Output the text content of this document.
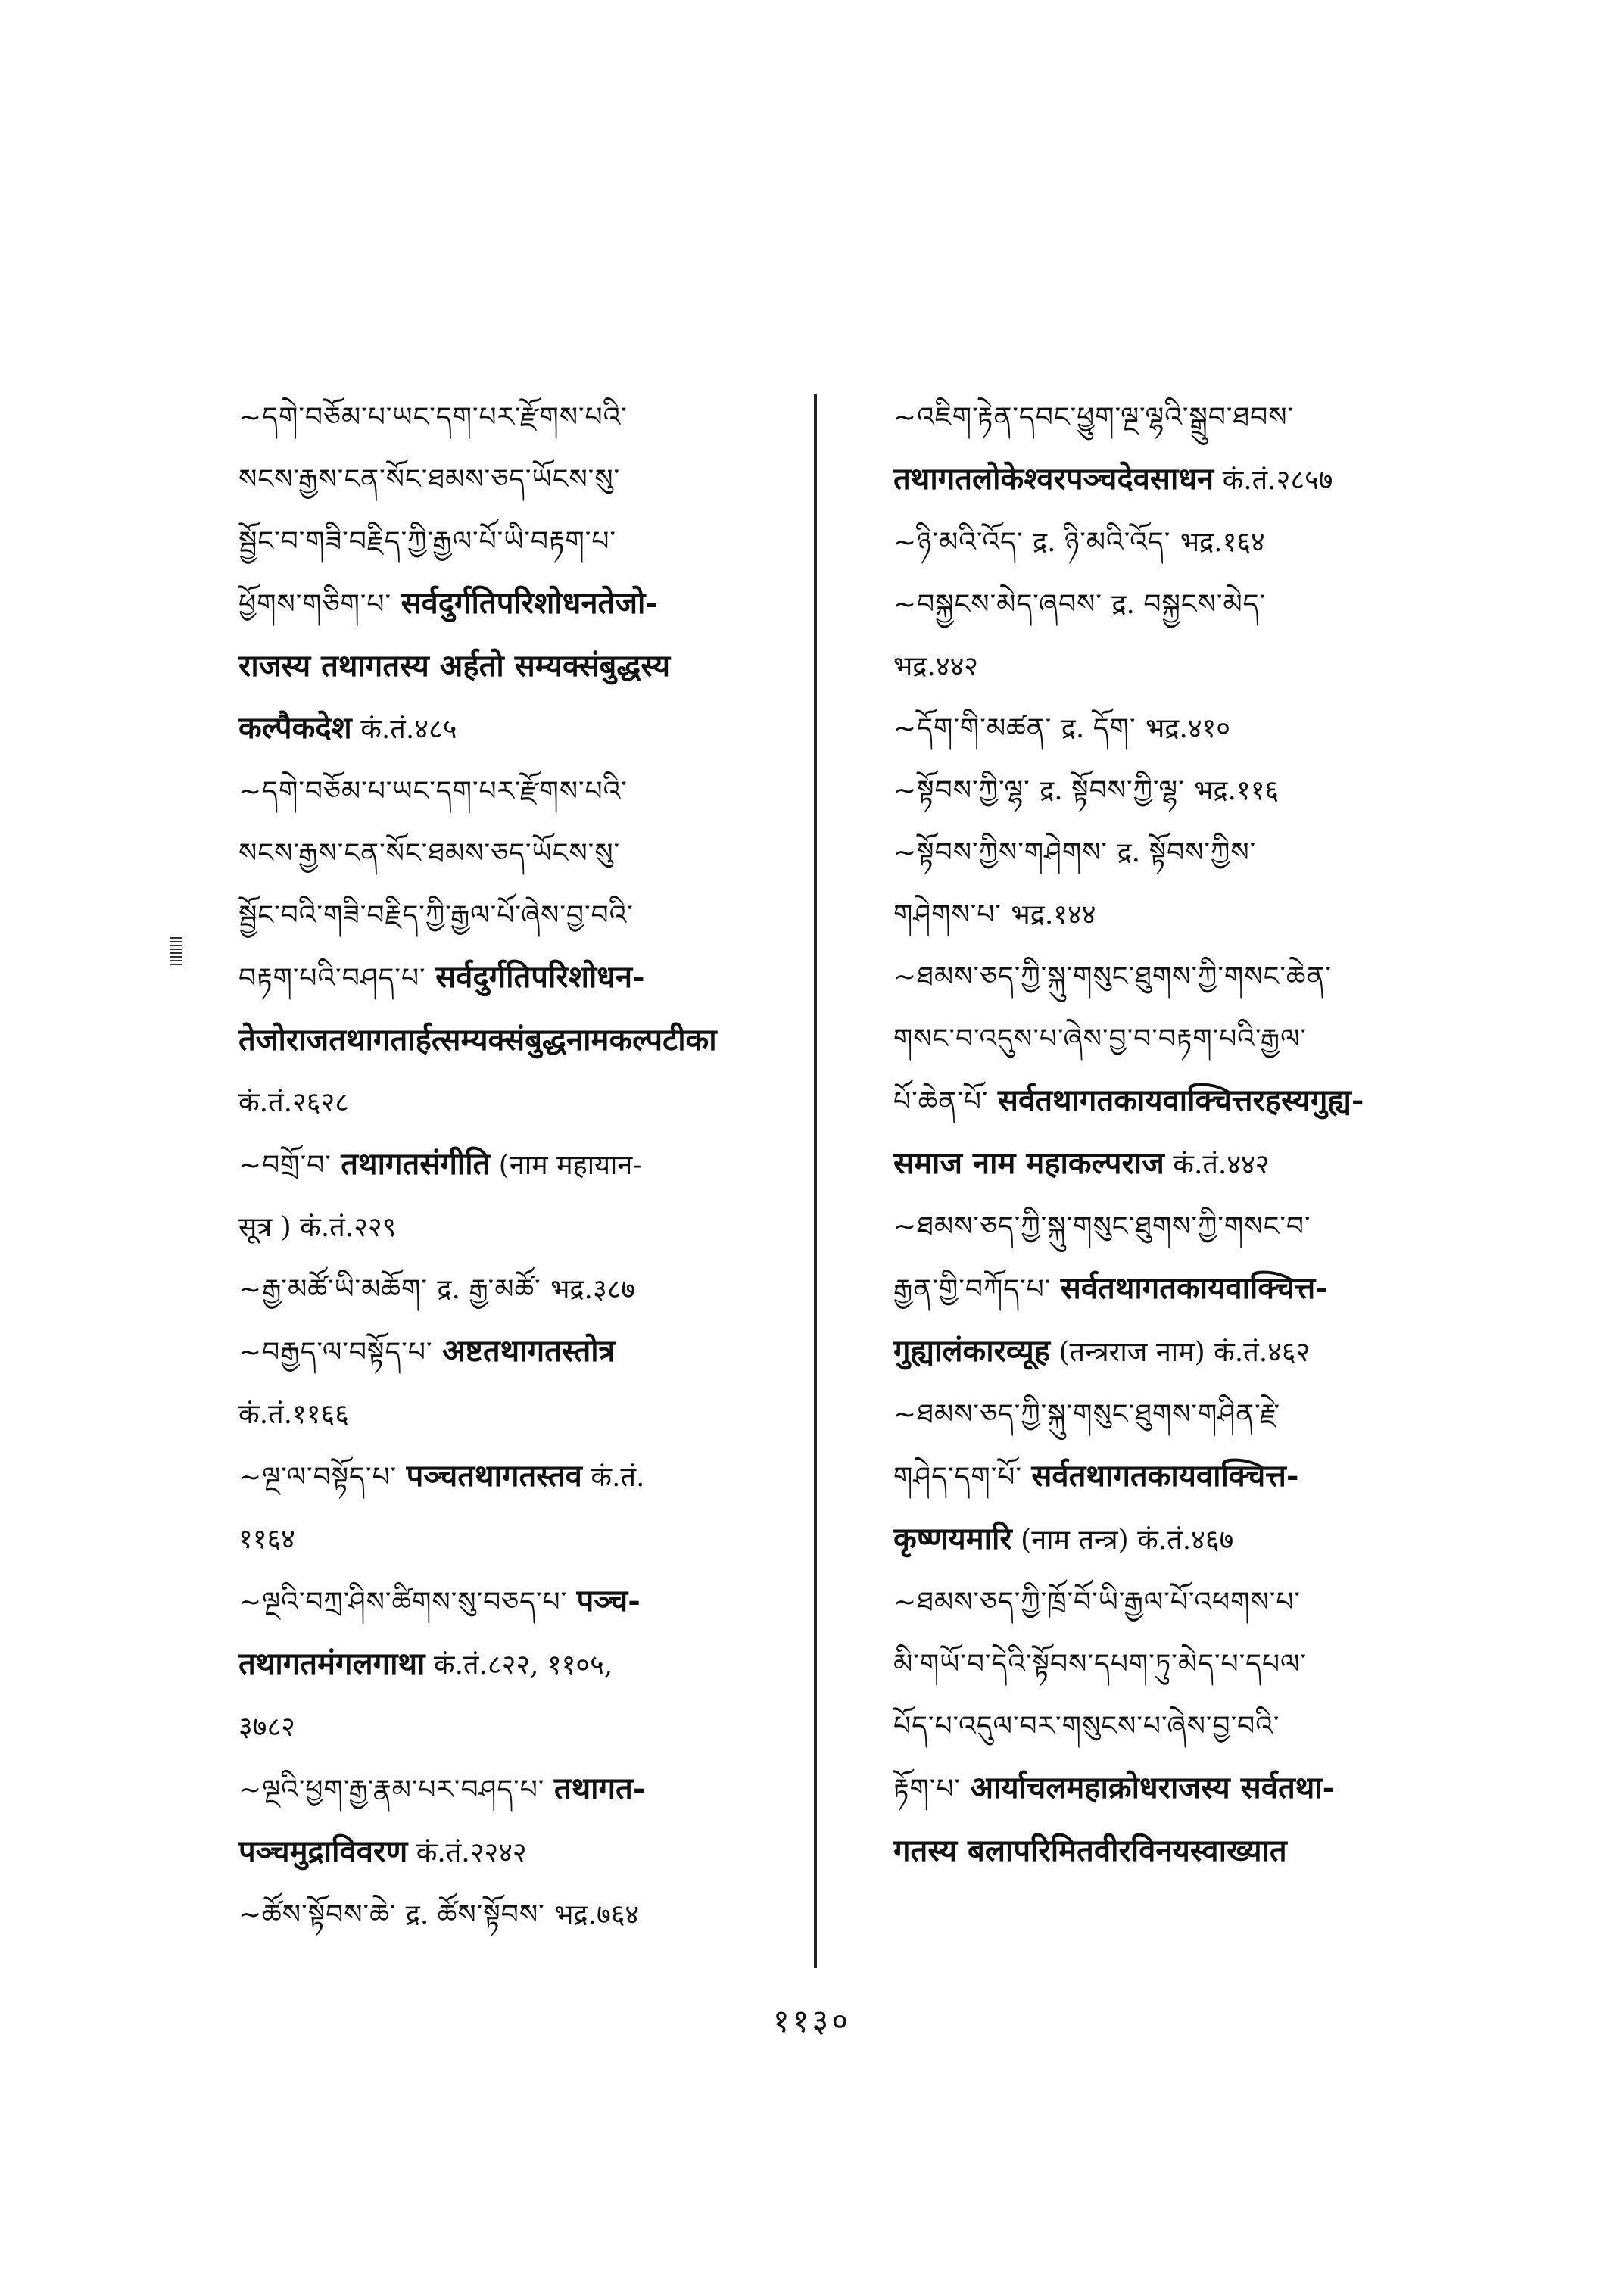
~དགེ་བཅོམ་པ་ཡང་དག་པར་རྫོགས་པའི་
སངས་རྒྱས་ངན་སོང་ཐམས་ཅད་ཡོངས་སུ་
སྦྱོང་བ་གཟི་བརྗིད་ཀྱི་རྒྱལ་པོ་ཡི་བརྟག་པ་
ཕྱོགས་གཅིག་པ་ सर्वदुर्गतिपरिशोधनतेजो-
राजस्य तथागतस्य अर्हतो सम्यक्संबुद्धस्य
कल्पैकदेश कं.तं.४८५
~དགེ་བཅོམ་པ་ཡང་དག་པར་རྫོགས་པའི་
སངས་རྒྱས་ངན་སོང་ཐམས་ཅད་ཡོངས་སུ་
སྦྱོང་བའི་གཟི་བརྗིད་ཀྱི་རྒྱལ་པོ་ཞེས་བྱ་བའི་
བརྟག་པའི་བཤད་པ་ सर्वदुर्गतिपरिशोधन-
तेजोराजतथागतार्हत्सम्यक्संबुद्धनामकल्पटीका
कं.तं.२६२८
~བགྲོ་བ་ तथागतसंगीति (नाम महायान-
सूत्र ) कं.तं.२२९
~རྒྱ་མཚོ་ཡི་མཆོག་ द्र. རྒྱ་མཚོ་ भद्र.३८७
~བརྒྱད་ལ་བསྟོད་པ་ अष्टतथागतस्तोत्र
कं.तं.११६६
~ལྔ་ལ་བསྟོད་པ་ पञ्चतथागतस्तव कं.तं.
११६४
~ལྔའི་བཀྲ་ཤིས་ཚིགས་སུ་བཅད་པ་ पञ्च-
तथागतमंगलगाथा कं.तं.८२२, ११०५,
३७८२
~ལྔའི་ཕྱག་རྒྱ་རྣམ་པར་བཤད་པ་ तथागत-
पञ्चमुद्राविवरण कं.तं.२२४२
~ཚོས་སྟོབས་ཆེ་ द्र. ཚོས་སྟོབས་ भद्र.७६४
~འཇིག་རྟེན་དབང་ཕྱུག་ལྔ་ལྷའི་སྒྲུབ་ཐབས་
तथागतलोकेश्वरपञ्चदेवसाधन कं.तं.२८५७
~ཉི་མའི་འོད་ द्र. ཉི་མའི་འོད་ भद्र.१६४
~བསྐྱངས་མེད་ཞབས་ द्र. བསྐྱངས་མེད་
भद्र.४४२
~དོག་གི་མཚན་ द्र. དོག་ भद्र.४१०
~སྟོབས་ཀྱི་ལྷ་ द्र. སྟོབས་ཀྱི་ལྷ་ भद्र.११६
~སྟོབས་ཀྱིས་གཤེགས་ द्र. སྟོབས་ཀྱིས་
གཤེགས་པ་ भद्र.१४४
~ཐམས་ཅད་ཀྱི་སྐུ་གསུང་ཐུགས་ཀྱི་གསང་ཆེན་
གསང་བ་འདུས་པ་ཞེས་བྱ་བ་བརྟག་པའི་རྒྱལ་
པོ་ཆེན་པོ་ सर्वतथागतकायवाक्चित्तरहस्यगुह्य-
समाज नाम महाकल्पराज कं.तं.४४२
~ཐམས་ཅད་ཀྱི་སྐུ་གསུང་ཐུགས་ཀྱི་གསང་བ་
རྒྱན་གྱི་བཀོད་པ་ सर्वतथागतकायवाक्चित्त-
गुह्यालंकारव्यूह (तन्त्रराज नाम) कं.तं.४६२
~ཐམས་ཅད་ཀྱི་སྐུ་གསུང་ཐུགས་གཤིན་རྗེ་
གཤེད་དག་པོ་ सर्वतथागतकायवाक्चित्त-
कृष्णयमारि (नाम तन्त्र) कं.तं.४६७
~ཐམས་ཅད་ཀྱི་ཁྲོ་བོ་ཡི་རྒྱལ་པོ་འཕགས་པ་
མི་གཡོ་བ་དེའི་སྟོབས་དཔག་ཏུ་མེད་པ་དཔལ་
པོད་པ་འདུལ་བར་གསུངས་པ་ཞེས་བྱ་བའི་
རྟོག་པ་ आर्याचलमहाक्रोधराजस्य सर्वतथा-
गतस्य बलापरिमितवीरविनयस्वाख्यात
११३०
